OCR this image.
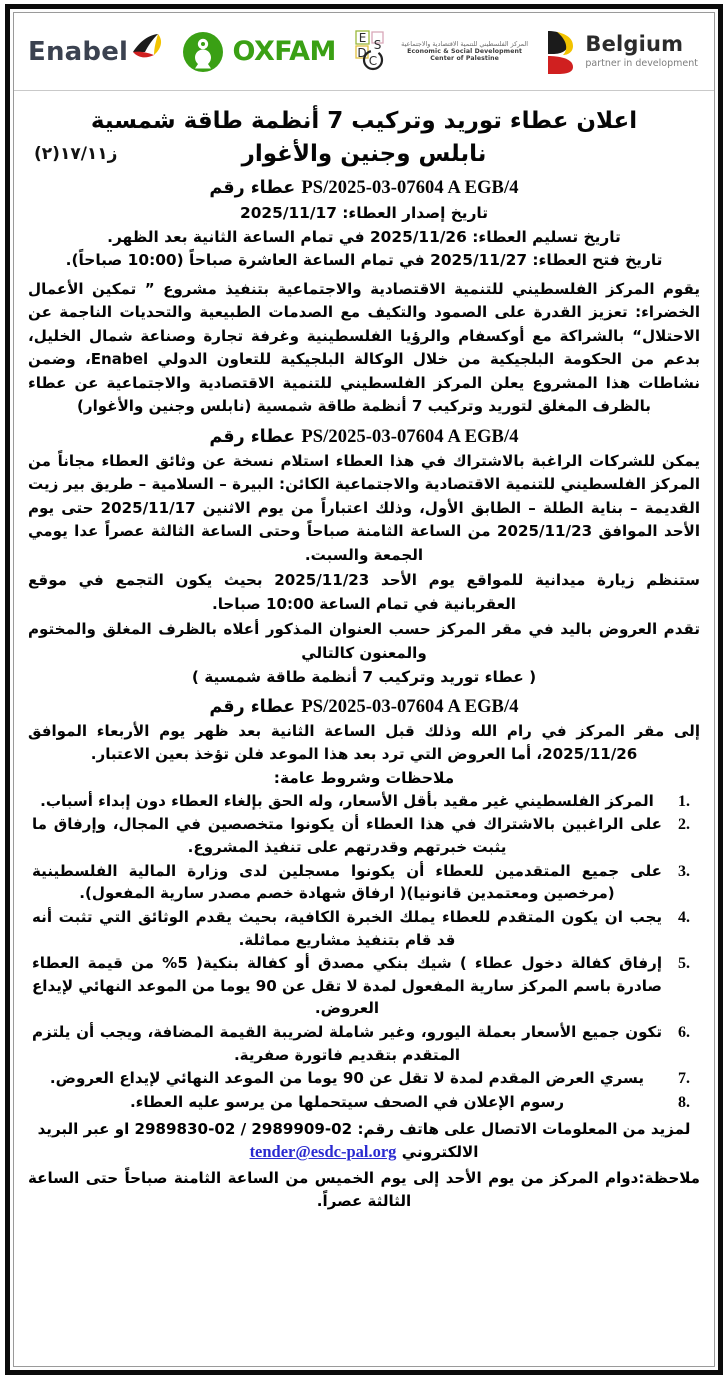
Belgium
partner in development
E S
D
C
المركز الفلسطيني للتنمية الاقتصادية والاجتماعية
Economic & Social Development
Center of Palestine
OXFAM
Enabel
اعلان عطاء توريد وتركيب 7 أنظمة طاقة شمسية
نابلس وجنين والأغوار
ز١٧/١١(٢)
PS/2025-03-07604 A EGB/4 عطاء رقم
تاريخ إصدار العطاء: 2025/11/17
تاريخ تسليم العطاء: 2025/11/26 في تمام الساعة الثانية بعد الظهر.
تاريخ فتح العطاء: 2025/11/27 في تمام الساعة العاشرة صباحاً (10:00 صباحاً).
يقوم المركز الفلسطيني للتنمية الاقتصادية والاجتماعية بتنفيذ مشروع ” تمكين الأعمال الخضراء: تعزيز القدرة على الصمود والتكيف مع الصدمات الطبيعية والتحديات الناجمة عن الاحتلال“ بالشراكة مع أوكسفام والرؤيا الفلسطينية وغرفة تجارة وصناعة شمال الخليل، بدعم من الحكومة البلجيكية من خلال الوكالة البلجيكية للتعاون الدولي Enabel، وضمن نشاطات هذا المشروع يعلن المركز الفلسطيني للتنمية الاقتصادية والاجتماعية عن عطاء بالظرف المغلق لتوريد وتركيب 7 أنظمة طاقة شمسية (نابلس وجنين والأغوار)
PS/2025-03-07604 A EGB/4 عطاء رقم
يمكن للشركات الراغبة بالاشتراك في هذا العطاء استلام نسخة عن وثائق العطاء مجاناً من المركز الفلسطيني للتنمية الاقتصادية والاجتماعية الكائن: البيرة – السلامية – طريق بير زيت القديمة – بناية الطلة – الطابق الأول، وذلك اعتباراً من يوم الاثنين 2025/11/17 حتى يوم الأحد الموافق 2025/11/23 من الساعة الثامنة صباحاً وحتى الساعة الثالثة عصراً عدا يومي الجمعة والسبت.
ستنظم زيارة ميدانية للمواقع يوم الأحد 2025/11/23 بحيث يكون التجمع في موقع العقربانية في تمام الساعة 10:00 صباحا.
تقدم العروض باليد في مقر المركز حسب العنوان المذكور أعلاه بالظرف المغلق والمختوم والمعنون كالتالي
( عطاء توريد وتركيب 7 أنظمة طاقة شمسية )
PS/2025-03-07604 A EGB/4 عطاء رقم
إلى مقر المركز في رام الله وذلك قبل الساعة الثانية بعد ظهر يوم الأربعاء الموافق 2025/11/26، أما العروض التي ترد بعد هذا الموعد فلن تؤخذ بعين الاعتبار.
ملاحظات وشروط عامة:
المركز الفلسطيني غير مقيد بأقل الأسعار، وله الحق بإلغاء العطاء دون إبداء أسباب.
على الراغبين بالاشتراك في هذا العطاء أن يكونوا متخصصين في المجال، وإرفاق ما يثبت خبرتهم وقدرتهم على تنفيذ المشروع.
على جميع المتقدمين للعطاء أن يكونوا مسجلين لدى وزارة المالية الفلسطينية (مرخصين ومعتمدين قانونيا)( ارفاق شهادة خصم مصدر سارية المفعول).
يجب ان يكون المتقدم للعطاء يملك الخبرة الكافية، بحيث يقدم الوثائق التي تثبت أنه قد قام بتنفيذ مشاريع مماثلة.
إرفاق كفالة دخول عطاء ) شيك بنكي مصدق أو كفالة بنكية( 5% من قيمة العطاء صادرة باسم المركز سارية المفعول لمدة لا تقل عن 90 يوما من الموعد النهائي لإيداع العروض.
تكون جميع الأسعار بعملة اليورو، وغير شاملة لضريبة القيمة المضافة، ويجب أن يلتزم المتقدم بتقديم فاتورة صفرية.
يسري العرض المقدم لمدة لا تقل عن 90 يوما من الموعد النهائي لإيداع العروض.
رسوم الإعلان في الصحف سيتحملها من يرسو عليه العطاء.
لمزيد من المعلومات الاتصال على هاتف رقم: 02-2989909 / 02-2989830 او عبر البريد الالكتروني tender@esdc-pal.org
ملاحظة:دوام المركز من يوم الأحد إلى يوم الخميس من الساعة الثامنة صباحاً حتى الساعة الثالثة عصراً.
